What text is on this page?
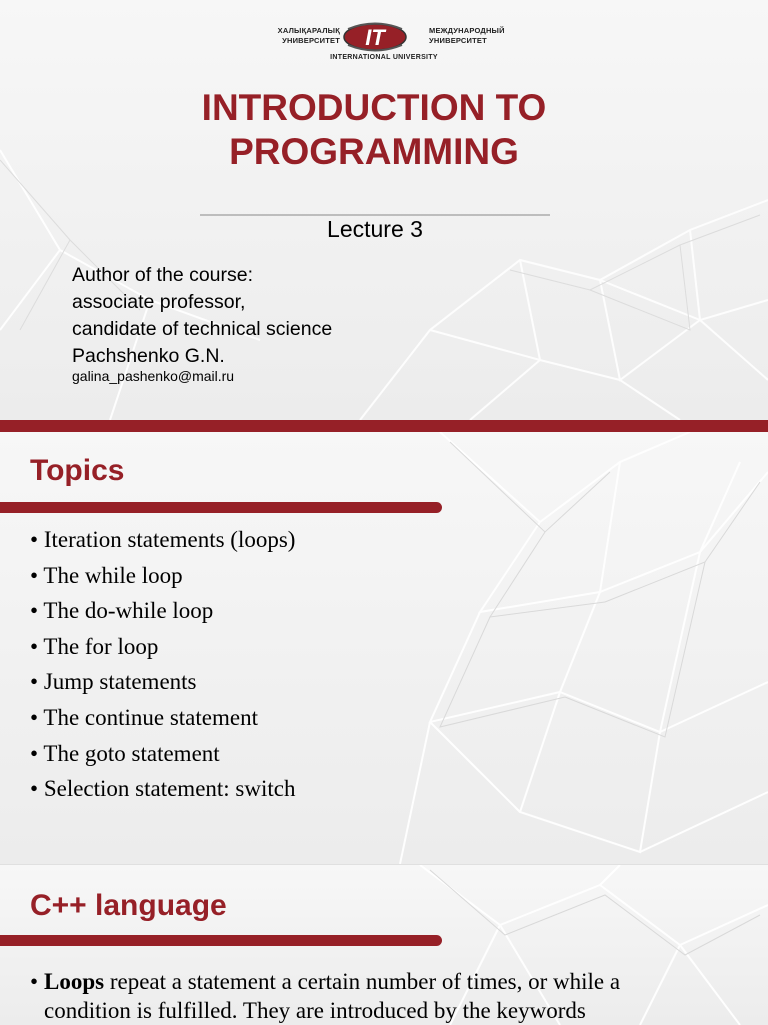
ХАЛЫҚАРАЛЫҚ
УНИВЕРСИТЕТ IT	МЕЖДУНАРОДНЫЙ
УНИВЕРСИТЕТ
INTERNATIONAL UNIVERSITY
INTRODUCTION TO
PROGRAMMING
Lecture 3
Author of the course:
associate professor,
candidate of technical science
Pachshenko G.N.
galina_pashenko@mail.ru
Topics
• Iteration statements (loops)
• The while loop
• The do-while loop
• The for loop
• Jump statements
• The continue statement
• The goto statement
• Selection statement: switch
C++ language
• Loops repeat a statement a certain number of times, or while a
condition is fulfilled. They are introduced by the keywords
